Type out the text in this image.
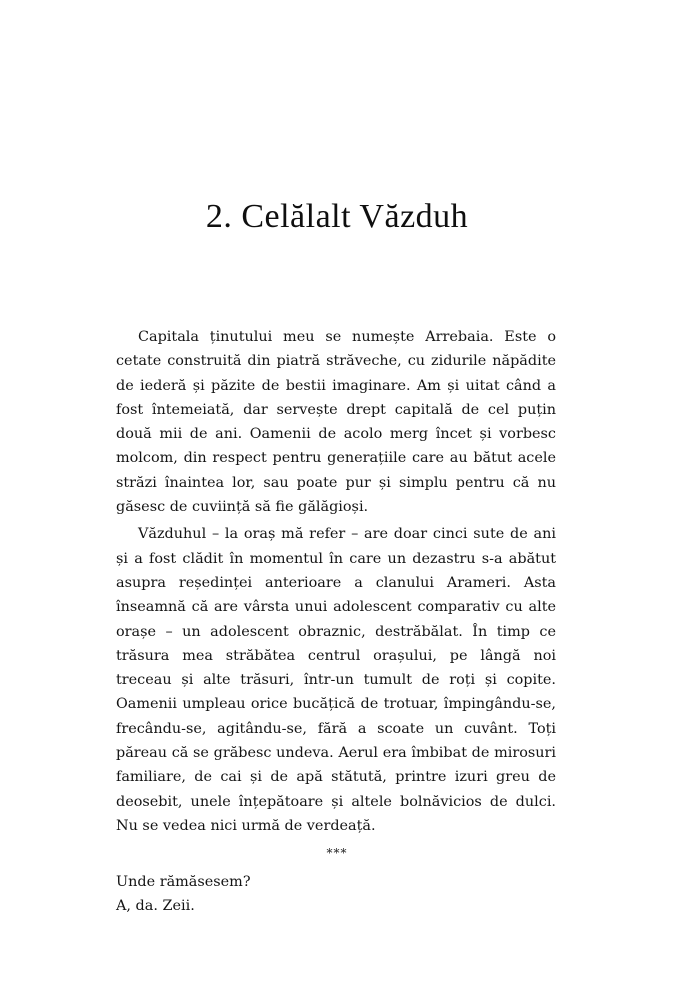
2. Celălalt Văzduh

Capitala ținutului meu se numește Arrebaia. Este o cetate construită din piatră străveche, cu zidurile năpădite de iederă și păzite de bestii imaginare. Am și uitat când a fost întemeiată, dar servește drept capitală de cel puțin două mii de ani. Oamenii de acolo merg încet și vorbesc molcom, din respect pentru generațiile care au bătut acele străzi înaintea lor, sau poate pur și simplu pentru că nu găsesc de cuviință să fie gălăgioși.

Văzduhul – la oraș mă refer – are doar cinci sute de ani și a fost clădit în momentul în care un dezastru s-a abătut asupra reședinței anterioare a clanului Arameri. Asta înseamnă că are vârsta unui adolescent comparativ cu alte orașe – un adolescent obraznic, destrăbălat. În timp ce trăsura mea străbătea centrul orașului, pe lângă noi treceau și alte trăsuri, într-un tumult de roți și copite. Oamenii umpleau orice bucățică de trotuar, împingându-se, frecându-se, agitându-se, fără a scoate un cuvânt. Toți păreau că se grăbesc undeva. Aerul era îmbibat de mirosuri familiare, de cai și de apă stătută, printre izuri greu de deosebit, unele înțepătoare și altele bolnăvicios de dulci. Nu se vedea nici urmă de verdeață.

***

Unde rămăsesem?

A, da. Zeii.
